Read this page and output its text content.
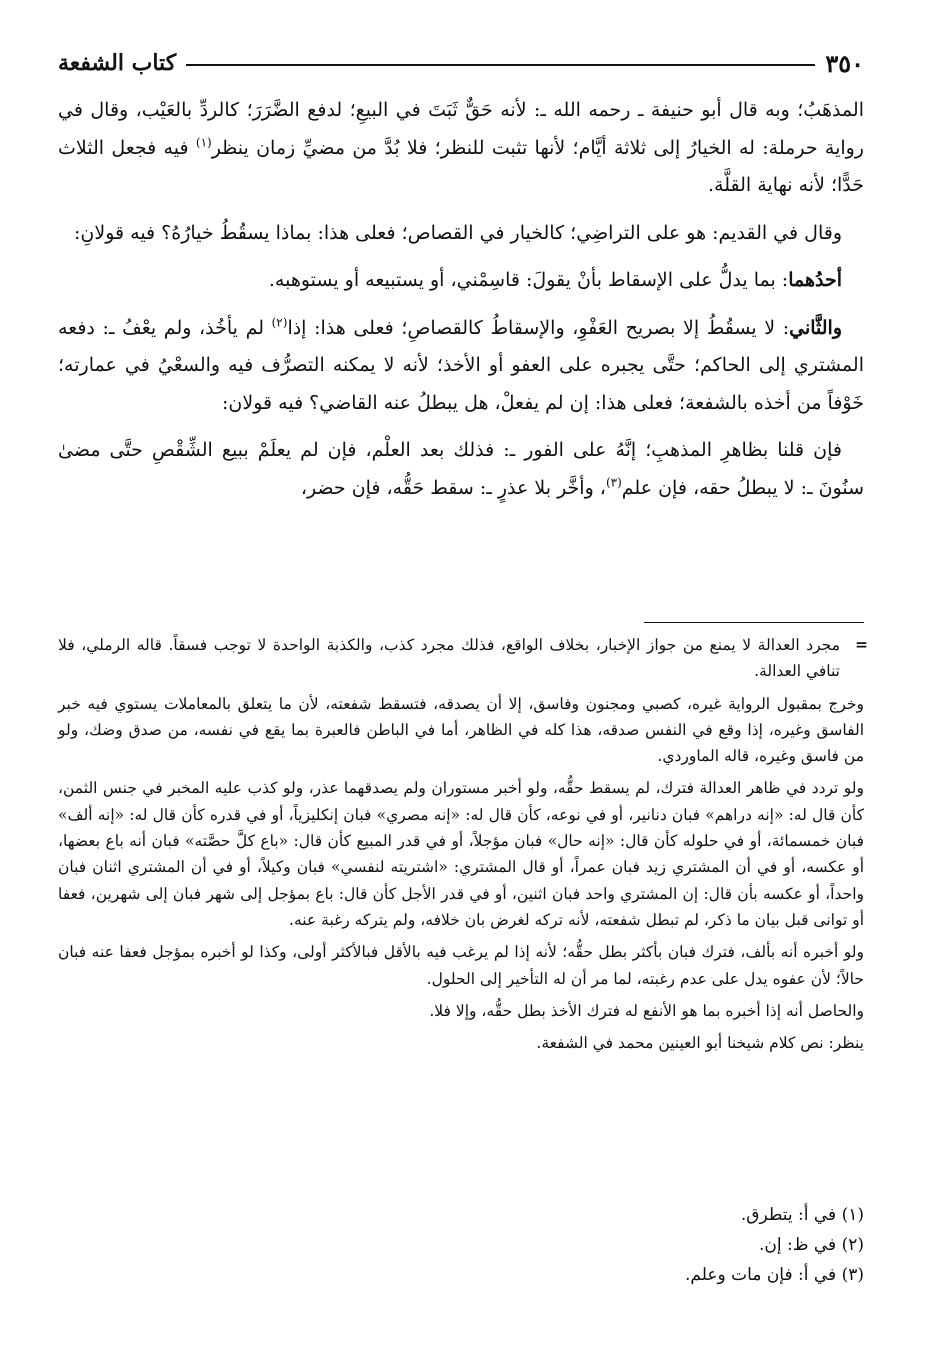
٣٥٠
كتاب الشفعة

المذهَبُ؛ وبه قال أبو حنيفة ـ رحمه الله ـ: لأنه حَقٌّ ثَبَتَ في البيعِ؛ لدفع الضَّرَرَ؛ كالردِّ بالعَيْب، وقال في رواية حرملة: له الخيارُ إلى ثلاثة أيَّام؛ لأنها تثبت للنظر؛ فلا بُدَّ من مضيِّ زمان ينظر$^{(١)}$ فيه فجعل الثلاث حَدًّا؛ لأنه نهاية القلَّة.

وقال في القديم: هو على التراضِي؛ كالخيار في القصاص؛ فعلى هذا: بماذا يسقُطُ خيارُهُ؟ فيه قولانِ:

أحدُهما: بما يدلُّ على الإسقاط بأنْ يقولَ: قاسِمْني، أو يستبيعه أو يستوهبه.

والثَّاني: لا يسقُطُ إلا بصريح العَفْوِ، والإسقاطُ كالقصاصِ؛ فعلى هذا: إذا$^{(٢)}$ لم يأخُذ، ولم يعْفُ ـ: دفعه المشتري إلى الحاكم؛ حتَّى يجبره على العفو أو الأخذ؛ لأنه لا يمكنه التصرُّف فيه والسعْيُ في عمارته؛ خَوْفاً من أخذه بالشفعة؛ فعلى هذا: إن لم يفعلْ، هل يبطلُ عنه القاضي؟ فيه قولان:

فإن قلنا بظاهرِ المذهبِ؛ إنَّهُ على الفور ـ: فذلك بعد العلْم، فإن لم يعلَمْ ببيع الشِّقْصِ حتَّى مضىٰ سنُونَ ـ: لا يبطلُ حقه، فإن علم$^{(٣)}$، وأخَّر بلا عذرٍ ـ: سقط حَقُّه، فإن حضر،

=
مجرد العدالة لا يمنع من جواز الإخبار، بخلاف الواقع، فذلك مجرد كذب، والكذبة الواحدة لا توجب فسقاً. قاله الرملي، فلا تنافي العدالة.

وخرج بمقبول الرواية غيره، كصبي ومجنون وفاسق، إلا أن يصدقه، فتسقط شفعته، لأن ما يتعلق بالمعاملات يستوي فيه خبر الفاسق وغيره، إذا وقع في النفس صدقه، هذا كله في الظاهر، أما في الباطن فالعبرة بما يقع في نفسه، من صدق وضك، ولو من فاسق وغيره، قاله الماوردي.

ولو تردد في ظاهر العدالة فترك، لم يسقط حقُّه، ولو أخبر مستوران ولم يصدقهما عذر، ولو كذب عليه المخبر في جنس الثمن، كأن قال له: «إنه دراهم» فبان دنانير، أو في نوعه، كأن قال له: «إنه مصري» فبان إنكليزياً، أو في قدره كأن قال له: «إنه ألف» فبان خمسمائة، أو في حلوله كأن قال: «إنه حال» فبان مؤجلاً، أو في قدر المبيع كأن قال: «باع كلَّ حصَّته» فبان أنه باع بعضها، أو عكسه، أو في أن المشتري زيد فبان عمراً، أو قال المشتري: «اشتريته لنفسي» فبان وكيلاً، أو في أن المشتري اثنان فبان واحداً، أو عكسه بأن قال: إن المشتري واحد فبان اثنين، أو في قدر الأجل كأن قال: باع بمؤجل إلى شهر فبان إلى شهرين، فعفا أو توانى قبل بيان ما ذكر، لم تبطل شفعته، لأنه تركه لغرض بان خلافه، ولم يتركه رغبة عنه.

ولو أخبره أنه بألف، فترك فبان بأكثر بطل حقُّه؛ لأنه إذا لم يرغب فيه بالأقل فبالأكثر أولى، وكذا لو أخبره بمؤجل فعفا عنه فبان حالاً؛ لأن عفوه يدل على عدم رغبته، لما مر أن له التأخير إلى الحلول.

والحاصل أنه إذا أخبره بما هو الأنفع له فترك الأخذ بطل حقُّه، وإلا فلا.

ينظر: نص كلام شيخنا أبو العينين محمد في الشفعة.

(١) في أ: يتطرق.
(٢) في ظ: إن.
(٣) في أ: فإن مات وعلم.
